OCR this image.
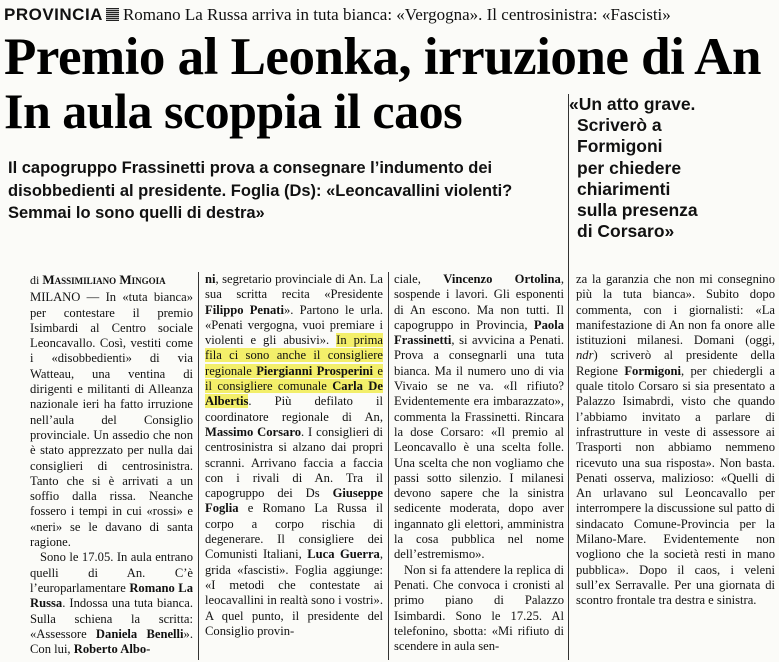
PROVINCIA Romano La Russa arriva in tuta bianca: «Vergogna». Il centrosinistra: «Fascisti»
Premio al Leonka, irruzione di An
In aula scoppia il caos
Il capogruppo Frassinetti prova a consegnare l’indumento dei disobbedienti al presidente. Foglia (Ds): «Leoncavallini violenti? Semmai lo sono quelli di destra»
«Un atto grave.
Scriverò a
Formigoni
per chiedere
chiarimenti
sulla presenza
di Corsaro»
di Massimiliano Mingoia

MILANO — In «tuta bianca» per contestare il premio Isimbardi al Centro sociale Leoncavallo. Così, vestiti come i «disobbedienti» di via Watteau, una ventina di dirigenti e militanti di Alleanza nazionale ieri ha fatto irruzione nell’aula del Consiglio provinciale. Un assedio che non è stato apprezzato per nulla dai consiglieri di centrosinistra. Tanto che si è arrivati a un soffio dalla rissa. Neanche fossero i tempi in cui «rossi» e «neri» se le davano di santa ragione.

Sono le 17.05. In aula entrano quelli di An. C’è l’europarlamentare Romano La Russa. Indossa una tuta bianca. Sulla schiena la scritta: «Assessore Daniela Benelli». Con lui, Roberto Albo-

ni, segretario provinciale di An. La sua scritta recita «Presidente Filippo Penati». Partono le urla. «Penati vergogna, vuoi premiare i violenti e gli abusivi». In prima fila ci sono anche il consigliere regionale Piergianni Prosperini e il consigliere comunale Carla De Albertis. Più defilato il coordinatore regionale di An, Massimo Corsaro. I consiglieri di centrosinistra si alzano dai propri scranni. Arrivano faccia a faccia con i rivali di An. Tra il capogruppo dei Ds Giuseppe Foglia e Romano La Russa il corpo a corpo rischia di degenerare. Il consigliere dei Comunisti Italiani, Luca Guerra, grida «fascisti». Foglia aggiunge: «I metodi che contestate ai leocavallini in realtà sono i vostri». A quel punto, il presidente del Consiglio provin-

ciale, Vincenzo Ortolina, sospende i lavori. Gli esponenti di An escono. Ma non tutti. Il capogruppo in Provincia, Paola Frassinetti, si avvicina a Penati. Prova a consegnarli una tuta bianca. Ma il numero uno di via Vivaio se ne va. «Il rifiuto? Evidentemente era imbarazzato», commenta la Frassinetti. Rincara la dose Corsaro: «Il premio al Leoncavallo è una scelta folle. Una scelta che non vogliamo che passi sotto silenzio. I milanesi devono sapere che la sinistra sedicente moderata, dopo aver ingannato gli elettori, amministra la cosa pubblica nel nome dell’estremismo».

Non si fa attendere la replica di Penati. Che convoca i cronisti al primo piano di Palazzo Isimbardi. Sono le 17.25. Al telefonino, sbotta: «Mi rifiuto di scendere in aula sen-

za la garanzia che non mi consegnino più la tuta bianca». Subito dopo commenta, con i giornalisti: «La manifestazione di An non fa onore alle istituzioni milanesi. Domani (oggi, ndr) scriverò al presidente della Regione Formigoni, per chiedergli a quale titolo Corsaro si sia presentato a Palazzo Isimabrdi, visto che quando l’abbiamo invitato a parlare di infrastrutture in veste di assessore ai Trasporti non abbiamo nemmeno ricevuto una sua risposta». Non basta. Penati osserva, malizioso: «Quelli di An urlavano sul Leoncavallo per interrompere la discussione sul patto di sindacato Comune-Provincia per la Milano-Mare. Evidentemente non vogliono che la società resti in mano pubblica». Dopo il caos, i veleni sull’ex Serravalle. Per una giornata di scontro frontale tra destra e sinistra.
